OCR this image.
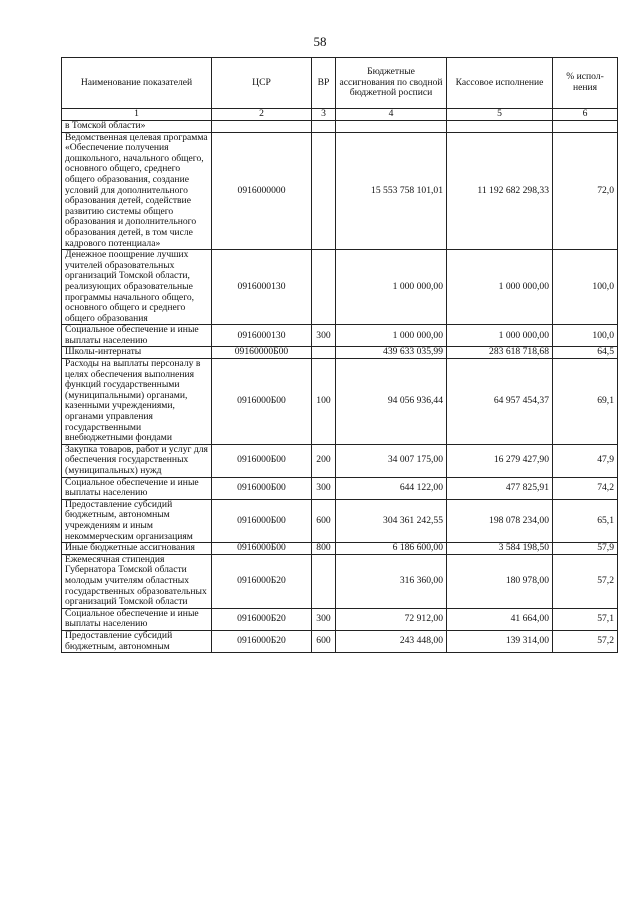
58
Наименование показателей	ЦСР	ВР	Бюджетные ассигнования по сводной бюджетной росписи	Кассовое исполнение	% испол-нения
1	2	3	4	5	6
в Томской области»					
Ведомственная целевая программа «Обеспечение получения дошкольного, начального общего, основного общего, среднего общего образования, создание условий для дополнительного образования детей, содействие развитию системы общего образования и дополнительного образования детей, в том числе кадрового потенциала»	0916000000		15 553 758 101,01	11 192 682 298,33	72,0
Денежное поощрение лучших учителей образовательных организаций Томской области, реализующих образовательные программы начального общего, основного общего и среднего общего образования	0916000130		1 000 000,00	1 000 000,00	100,0
Социальное обеспечение и иные выплаты населению	0916000130	300	1 000 000,00	1 000 000,00	100,0
Школы-интернаты	09160000Б00		439 633 035,99	283 618 718,68	64,5
Расходы на выплаты персоналу в целях обеспечения выполнения функций государственными (муниципальными) органами, казенными учреждениями, органами управления государственными внебюджетными фондами	0916000Б00	100	94 056 936,44	64 957 454,37	69,1
Закупка товаров, работ и услуг для обеспечения государственных (муниципальных) нужд	0916000Б00	200	34 007 175,00	16 279 427,90	47,9
Социальное обеспечение и иные выплаты населению	0916000Б00	300	644 122,00	477 825,91	74,2
Предоставление субсидий бюджетным, автономным учреждениям и иным некоммерческим организациям	0916000Б00	600	304 361 242,55	198 078 234,00	65,1
Иные бюджетные ассигнования	0916000Б00	800	6 186 600,00	3 584 198,50	57,9
Ежемесячная стипендия Губернатора Томской области молодым учителям областных государственных образовательных организаций Томской области	0916000Б20		316 360,00	180 978,00	57,2
Социальное обеспечение и иные выплаты населению	0916000Б20	300	72 912,00	41 664,00	57,1
Предоставление субсидий бюджетным, автономным	0916000Б20	600	243 448,00	139 314,00	57,2
